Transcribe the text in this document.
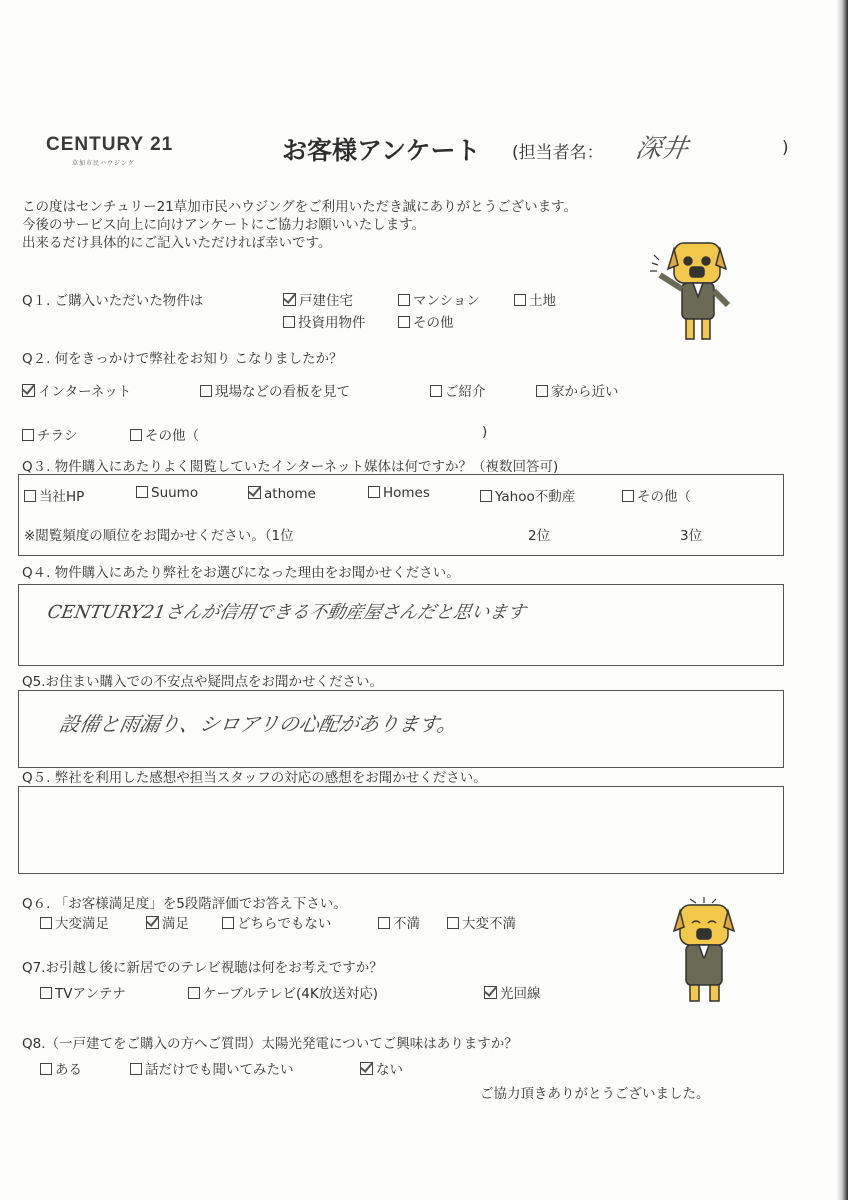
CENTURY 21
草加市民ハウジング	お客様アンケート (担当者名： 深井	)
この度はセンチュリー21草加市民ハウジングをご利用いただき誠にありがとうございます。
今後のサービス向上に向けアンケートにご協力お願いいたします。
出来るだけ具体的にご記入いただければ幸いです。
Q１. ご購入いただいた物件は	戸建住宅	マンション	土地
投資用物件	その他
Q２. 何をきっかけで弊社をお知り こなりましたか？
インターネット	現場などの看板を見て	ご紹介	家から近い
チラシ	その他（	)
Q３. 物件購入にあたりよく閲覧していたインターネット媒体は何ですか？（複数回答可)
当社HP	Suumo	athome	Homes	Yahoo不動産	その他（
※閲覧頻度の順位をお聞かせください。（1位	2位	3位
Q４. 物件購入にあたり弊社をお選びになった理由をお聞かせください。
CENTURY21さんが信用できる不動産屋さんだと思います
Q5.お住まい購入での不安点や疑問点をお聞かせください。
設備と雨漏り、シロアリの心配があります。
Q５. 弊社を利用した感想や担当スタッフの対応の感想をお聞かせください。
Q６. 「お客様満足度」を5段階評価でお答え下さい。
大変満足	満足	どちらでもない	不満	大変不満
Q7.お引越し後に新居でのテレビ視聴は何をお考えですか？
TVアンテナ	ケーブルテレビ(4K放送対応)	光回線
Q8.（一戸建てをご購入の方へご質問）太陽光発電についてご興味はありますか？
ある	話だけでも聞いてみたい	ない
ご協力頂きありがとうございました。
